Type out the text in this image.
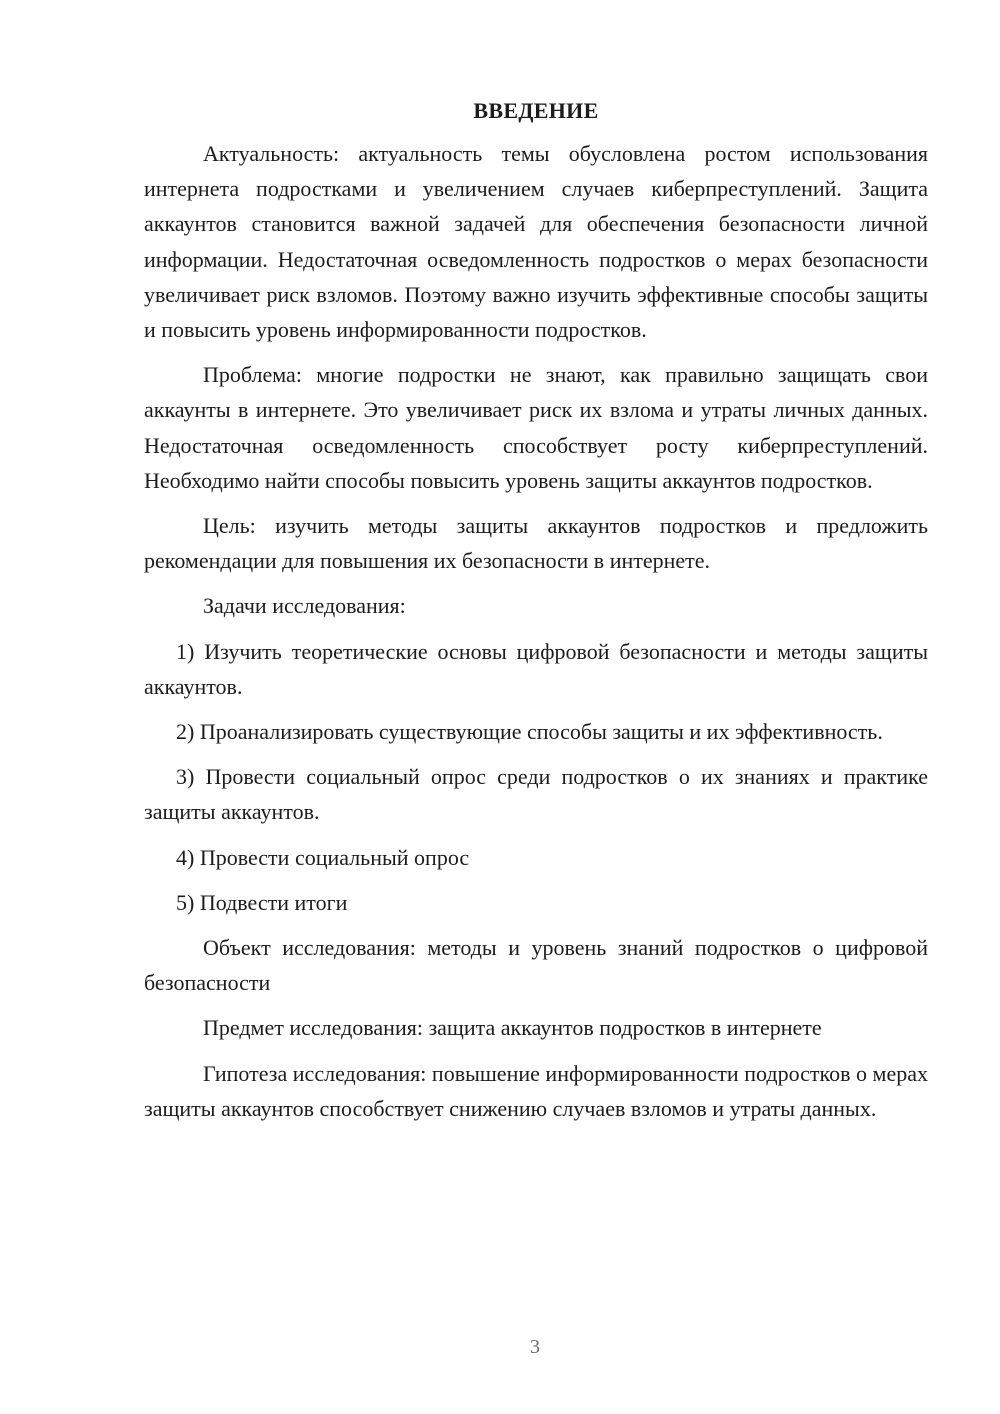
ВВЕДЕНИЕ

Актуальность: актуальность темы обусловлена ростом использования интернета подростками и увеличением случаев киберпреступлений. Защита аккаунтов становится важной задачей для обеспечения безопасности личной информации. Недостаточная осведомленность подростков о мерах безопасности увеличивает риск взломов. Поэтому важно изучить эффективные способы защиты и повысить уровень информированности подростков.

Проблема: многие подростки не знают, как правильно защищать свои аккаунты в интернете. Это увеличивает риск их взлома и утраты личных данных. Недостаточная осведомленность способствует росту киберпреступлений. Необходимо найти способы повысить уровень защиты аккаунтов подростков.

Цель: изучить методы защиты аккаунтов подростков и предложить рекомендации для повышения их безопасности в интернете.

Задачи исследования:

1) Изучить теоретические основы цифровой безопасности и методы защиты аккаунтов.

2) Проанализировать существующие способы защиты и их эффективность.

3) Провести социальный опрос среди подростков о их знаниях и практике защиты аккаунтов.

4) Провести социальный опрос

5) Подвести итоги

Объект исследования: методы и уровень знаний подростков о цифровой безопасности

Предмет исследования: защита аккаунтов подростков в интернете

Гипотеза исследования: повышение информированности подростков о мерах защиты аккаунтов способствует снижению случаев взломов и утраты данных.

3
